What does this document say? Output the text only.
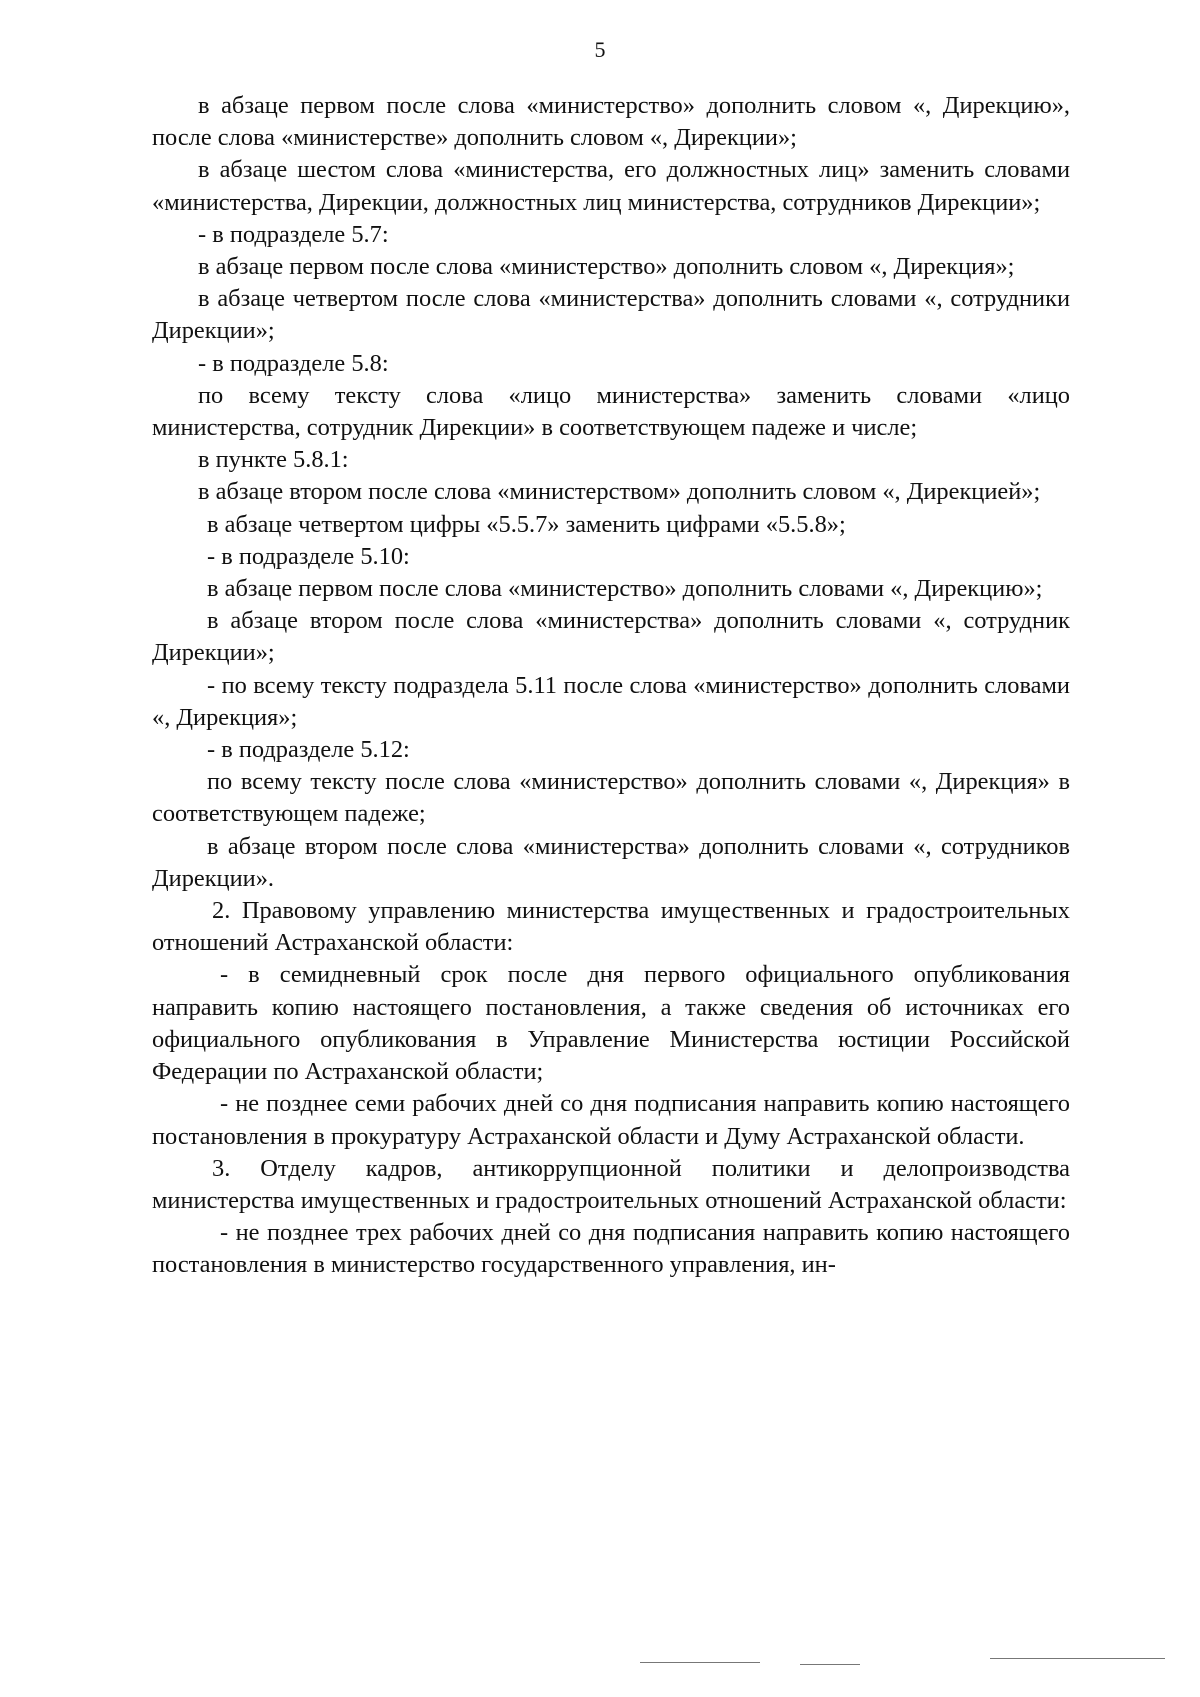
5

в абзаце первом после слова «министерство» дополнить словом «, Дирекцию», после слова «министерстве» дополнить словом «, Дирекции»;

в абзаце шестом слова «министерства, его должностных лиц» заменить словами «министерства, Дирекции, должностных лиц министерства, сотрудников Дирекции»;

- в подразделе 5.7:

в абзаце первом после слова «министерство» дополнить словом «, Дирекция»;

в абзаце четвертом после слова «министерства» дополнить словами «, сотрудники Дирекции»;

- в подразделе 5.8:

по всему тексту слова «лицо министерства» заменить словами «лицо министерства, сотрудник Дирекции» в соответствующем падеже и числе;

в пункте 5.8.1:

в абзаце втором после слова «министерством» дополнить словом «, Дирекцией»;

в абзаце четвертом цифры «5.5.7» заменить цифрами «5.5.8»;

- в подразделе 5.10:

в абзаце первом после слова «министерство» дополнить словами «, Дирекцию»;

в абзаце втором после слова «министерства» дополнить словами «, сотрудник Дирекции»;

- по всему тексту подраздела 5.11 после слова «министерство» дополнить словами «, Дирекция»;

- в подразделе 5.12:

по всему тексту после слова «министерство» дополнить словами «, Дирекция» в соответствующем падеже;

в абзаце втором после слова «министерства» дополнить словами «, сотрудников Дирекции».

2. Правовому управлению министерства имущественных и градостроительных отношений Астраханской области:

- в семидневный срок после дня первого официального опубликования направить копию настоящего постановления, а также сведения об источниках его официального опубликования в Управление Министерства юстиции Российской Федерации по Астраханской области;

- не позднее семи рабочих дней со дня подписания направить копию настоящего постановления в прокуратуру Астраханской области и Думу Астраханской области.

3. Отделу кадров, антикоррупционной политики и делопроизводства министерства имущественных и градостроительных отношений Астраханской области:

- не позднее трех рабочих дней со дня подписания направить копию настоящего постановления в министерство государственного управления, ин-
